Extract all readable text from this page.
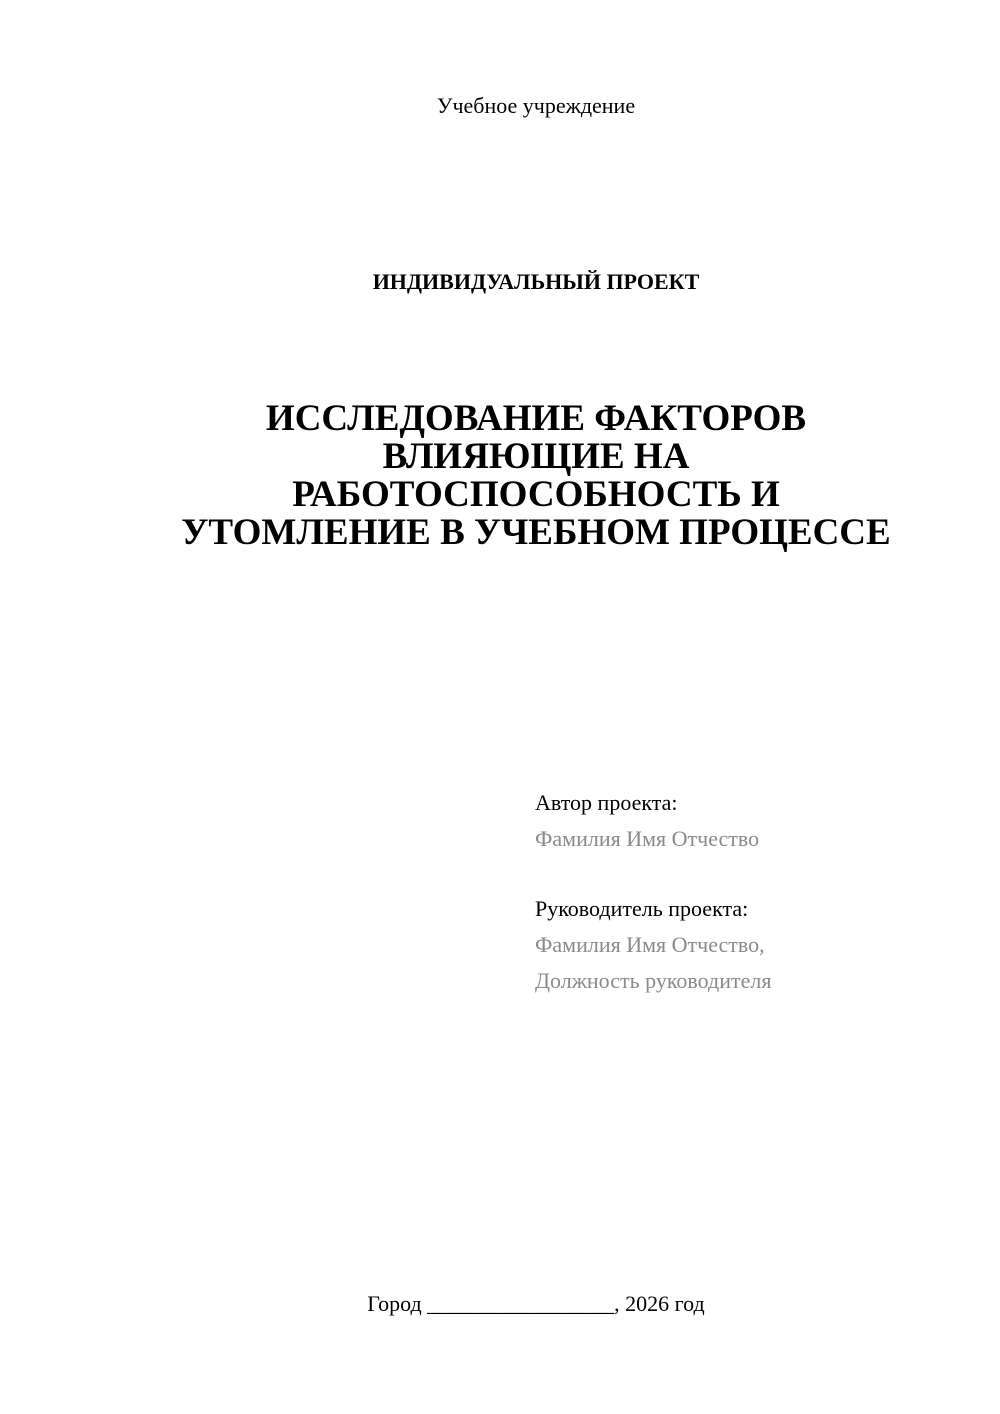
Учебное учреждение
ИНДИВИДУАЛЬНЫЙ ПРОЕКТ
ИССЛЕДОВАНИЕ ФАКТОРОВ
ВЛИЯЮЩИЕ НА
РАБОТОСПОСОБНОСТЬ И
УТОМЛЕНИЕ В УЧЕБНОМ ПРОЦЕССЕ
Автор проекта:
Фамилия Имя Отчество
Руководитель проекта:
Фамилия Имя Отчество,
Должность руководителя
Город _________________, 2026 год
